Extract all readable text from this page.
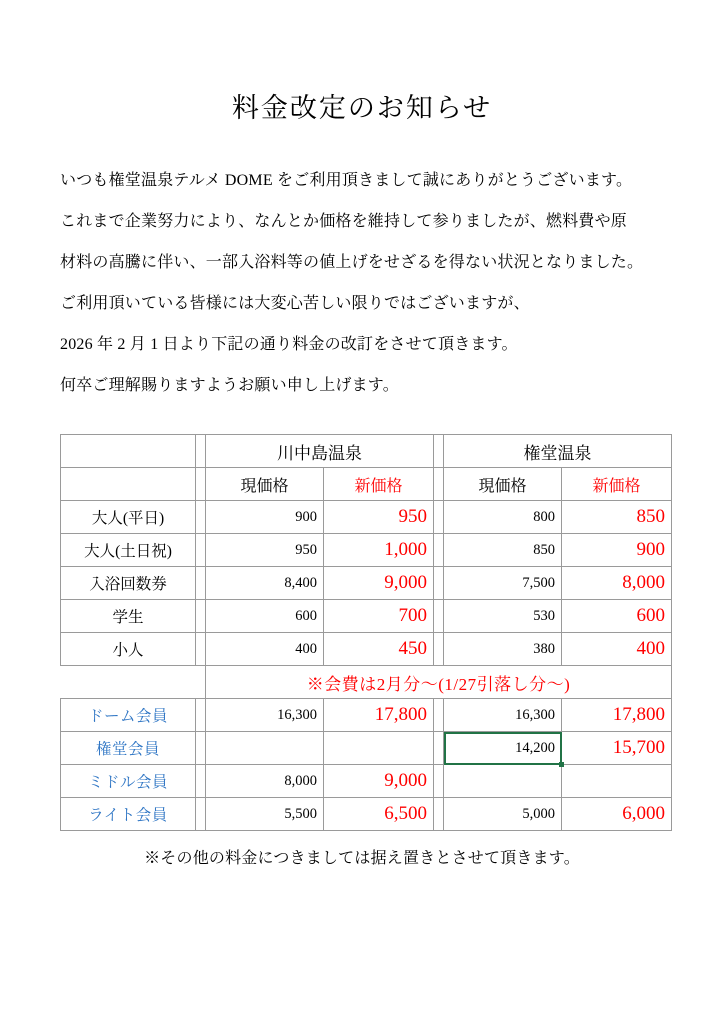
料金改定のお知らせ
いつも権堂温泉テルメ DOME をご利用頂きまして誠にありがとうございます。
これまで企業努力により、なんとか価格を維持して参りましたが、燃料費や原
材料の高騰に伴い、一部入浴料等の値上げをせざるを得ない状況となりました。
ご利用頂いている皆様には大変心苦しい限りではございますが、
2026 年 2 月 1 日より下記の通り料金の改訂をさせて頂きます。
何卒ご理解賜りますようお願い申し上げます。
		川中島温泉			権堂温泉	
		現価格	新価格		現価格	新価格
大人(平日)		900	950		800	850
大人(土日祝)		950	1,000		850	900
入浴回数券		8,400	9,000		7,500	8,000
学生		600	700		530	600
小人		400	450		380	400
		※会費は2月分〜(1/27引落し分〜)				
ドーム会員		16,300	17,800		16,300	17,800
権堂会員					14,200	15,700
ミドル会員		8,000	9,000			
ライト会員		5,500	6,500		5,000	6,000
※その他の料金につきましては据え置きとさせて頂きます。
